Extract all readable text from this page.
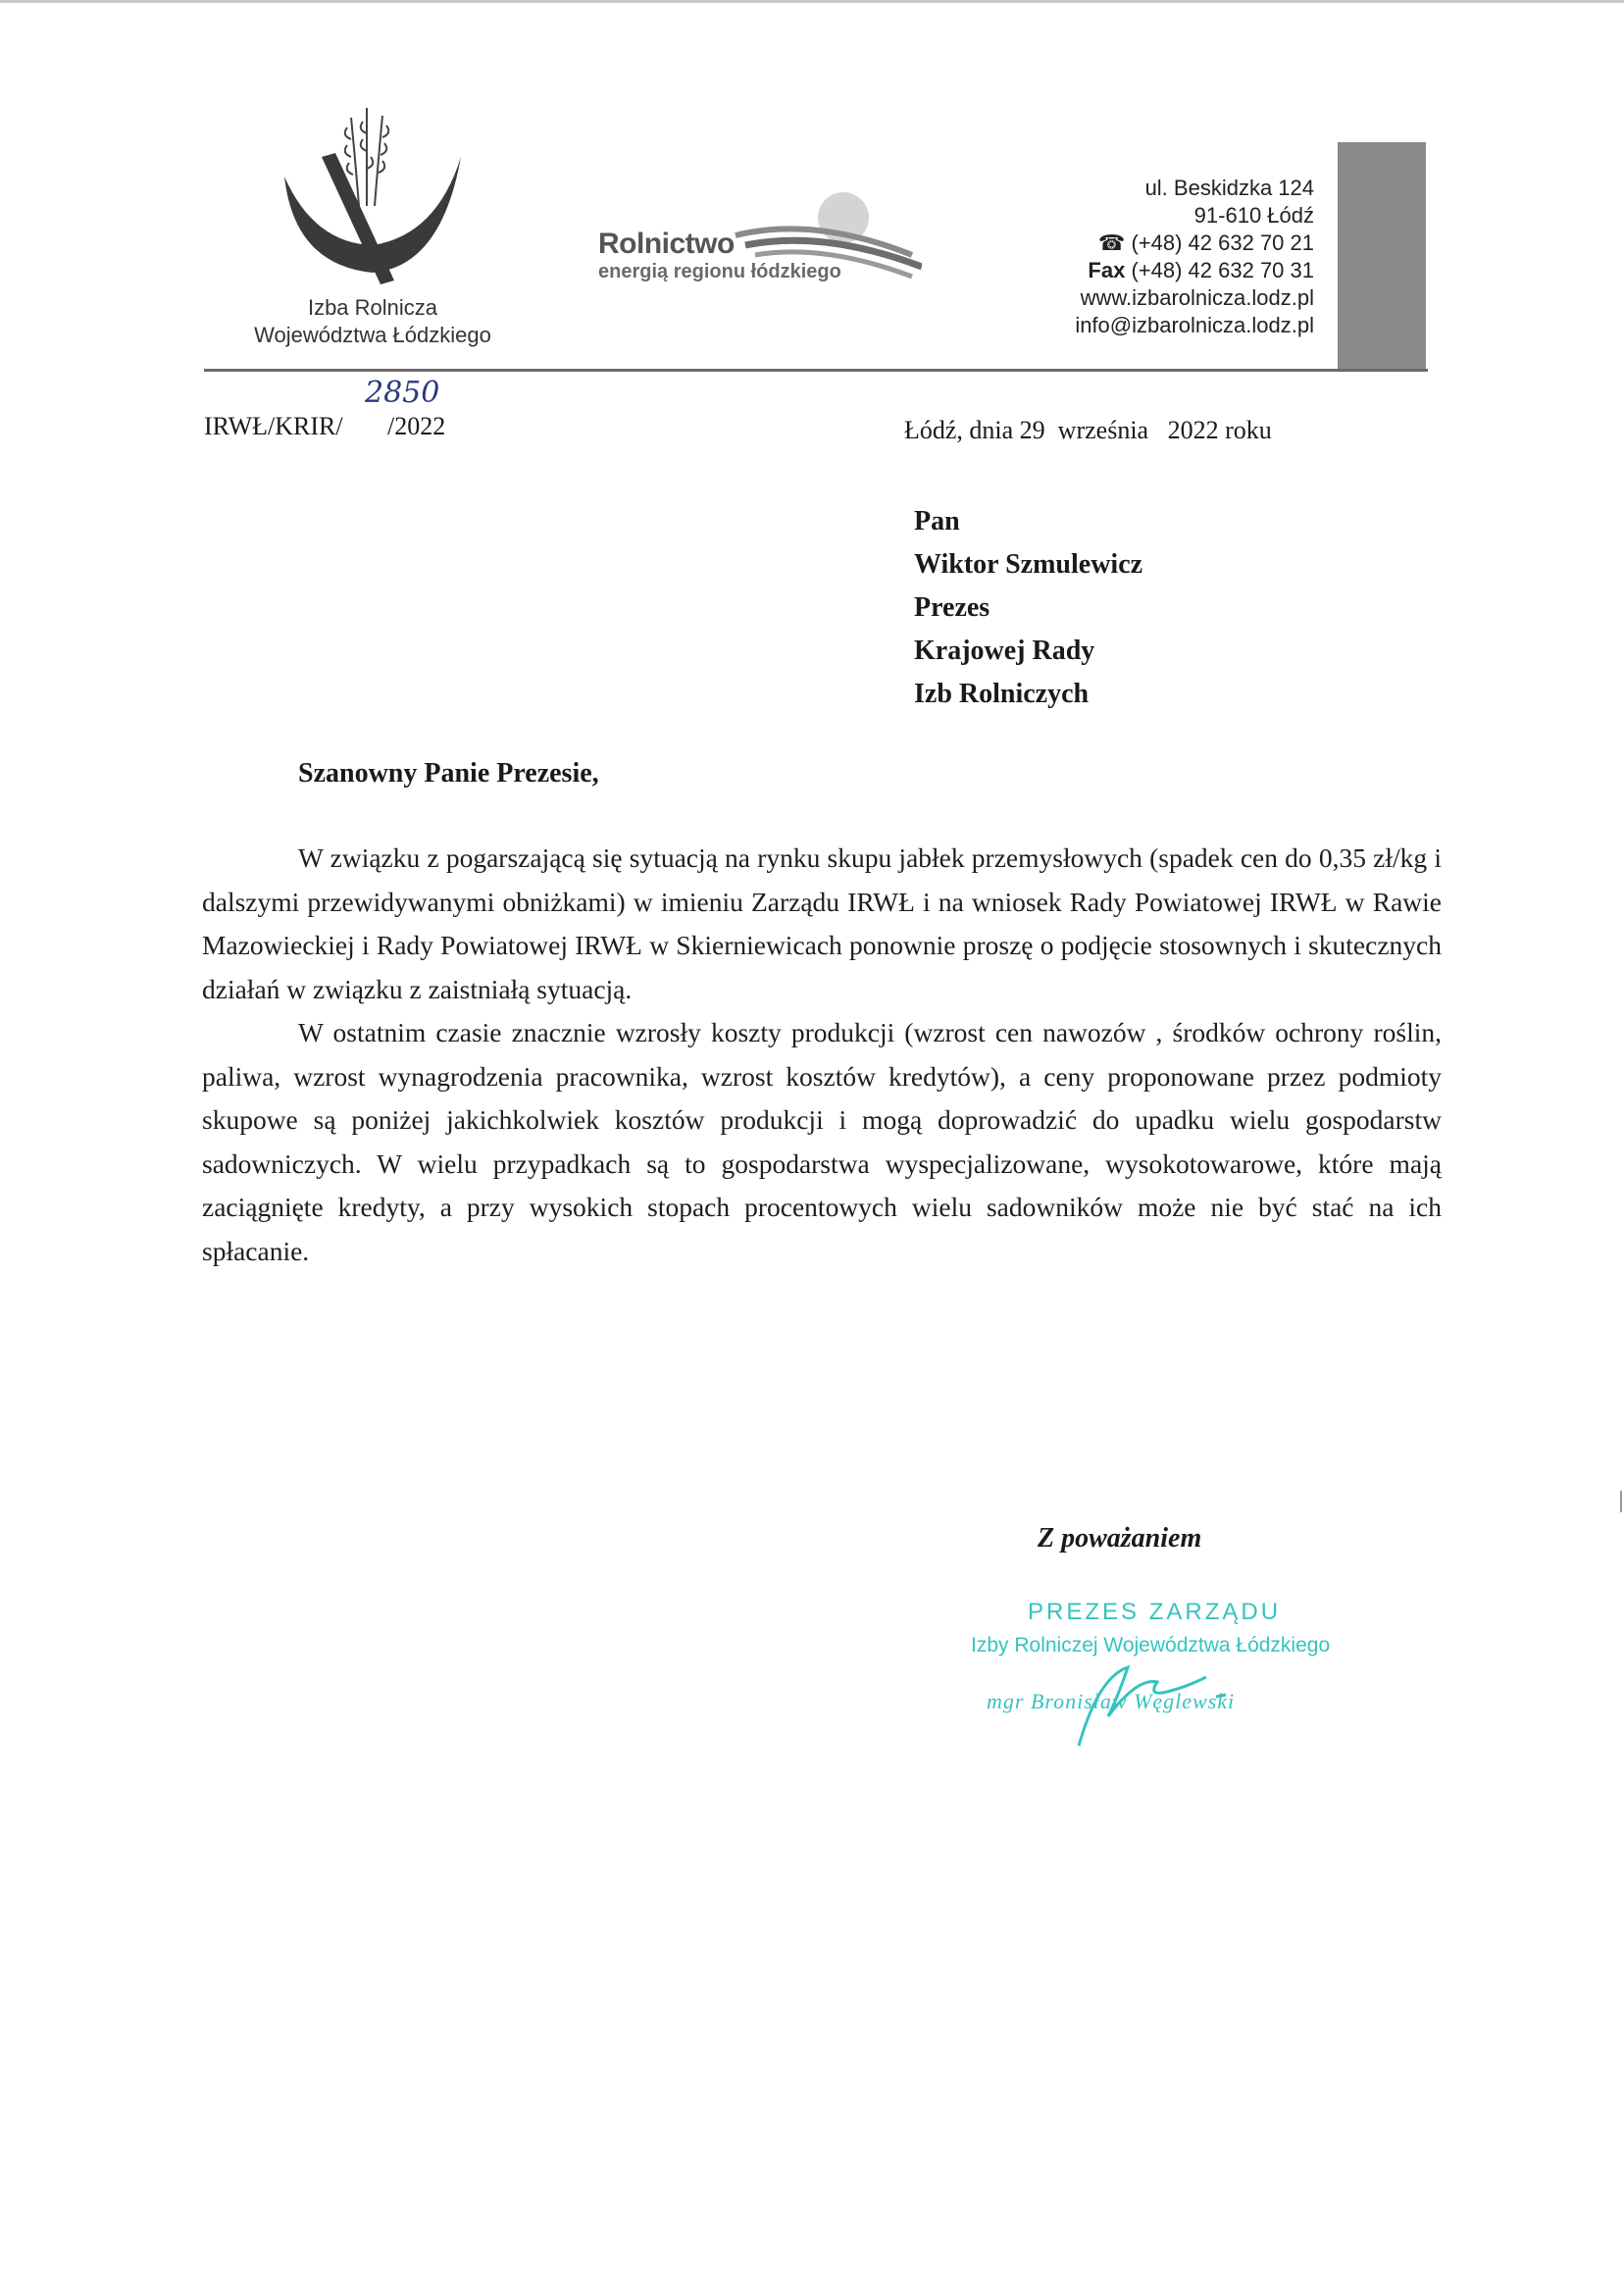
Izba Rolnicza
Województwa Łódzkiego
Rolnictwo
energią regionu łódzkiego
ul. Beskidzka 124
91-610 Łódź
☎ (+48) 42 632 70 21
Fax (+48) 42 632 70 31
www.izbarolnicza.lodz.pl
info@izbarolnicza.lodz.pl
2850
IRWŁ/KRIR/       /2022	Łódź, dnia 29  września   2022 roku
Pan
Wiktor Szmulewicz
Prezes
Krajowej Rady
Izb Rolniczych
Szanowny Panie Prezesie,

W związku z pogarszającą się sytuacją na rynku skupu jabłek przemysłowych (spadek cen do 0,35 zł/kg i dalszymi przewidywanymi obniżkami) w imieniu Zarządu IRWŁ i na wniosek Rady Powiatowej IRWŁ w Rawie Mazowieckiej i Rady Powiatowej IRWŁ w Skierniewicach ponownie proszę o podjęcie stosownych i skutecznych działań w związku z zaistniałą sytuacją.

W ostatnim czasie znacznie wzrosły koszty produkcji (wzrost cen nawozów , środków ochrony roślin, paliwa, wzrost wynagrodzenia pracownika, wzrost kosztów kredytów), a ceny proponowane przez podmioty skupowe są poniżej jakichkolwiek kosztów produkcji i mogą doprowadzić do upadku wielu gospodarstw sadowniczych. W wielu przypadkach są to gospodarstwa wyspecjalizowane, wysokotowarowe, które mają zaciągnięte kredyty, a przy wysokich stopach procentowych wielu sadowników może nie być stać na ich spłacanie.

Z poważaniem
PREZES ZARZĄDU
Izby Rolniczej Województwa Łódzkiego
mgr Bronisław Węglewski
